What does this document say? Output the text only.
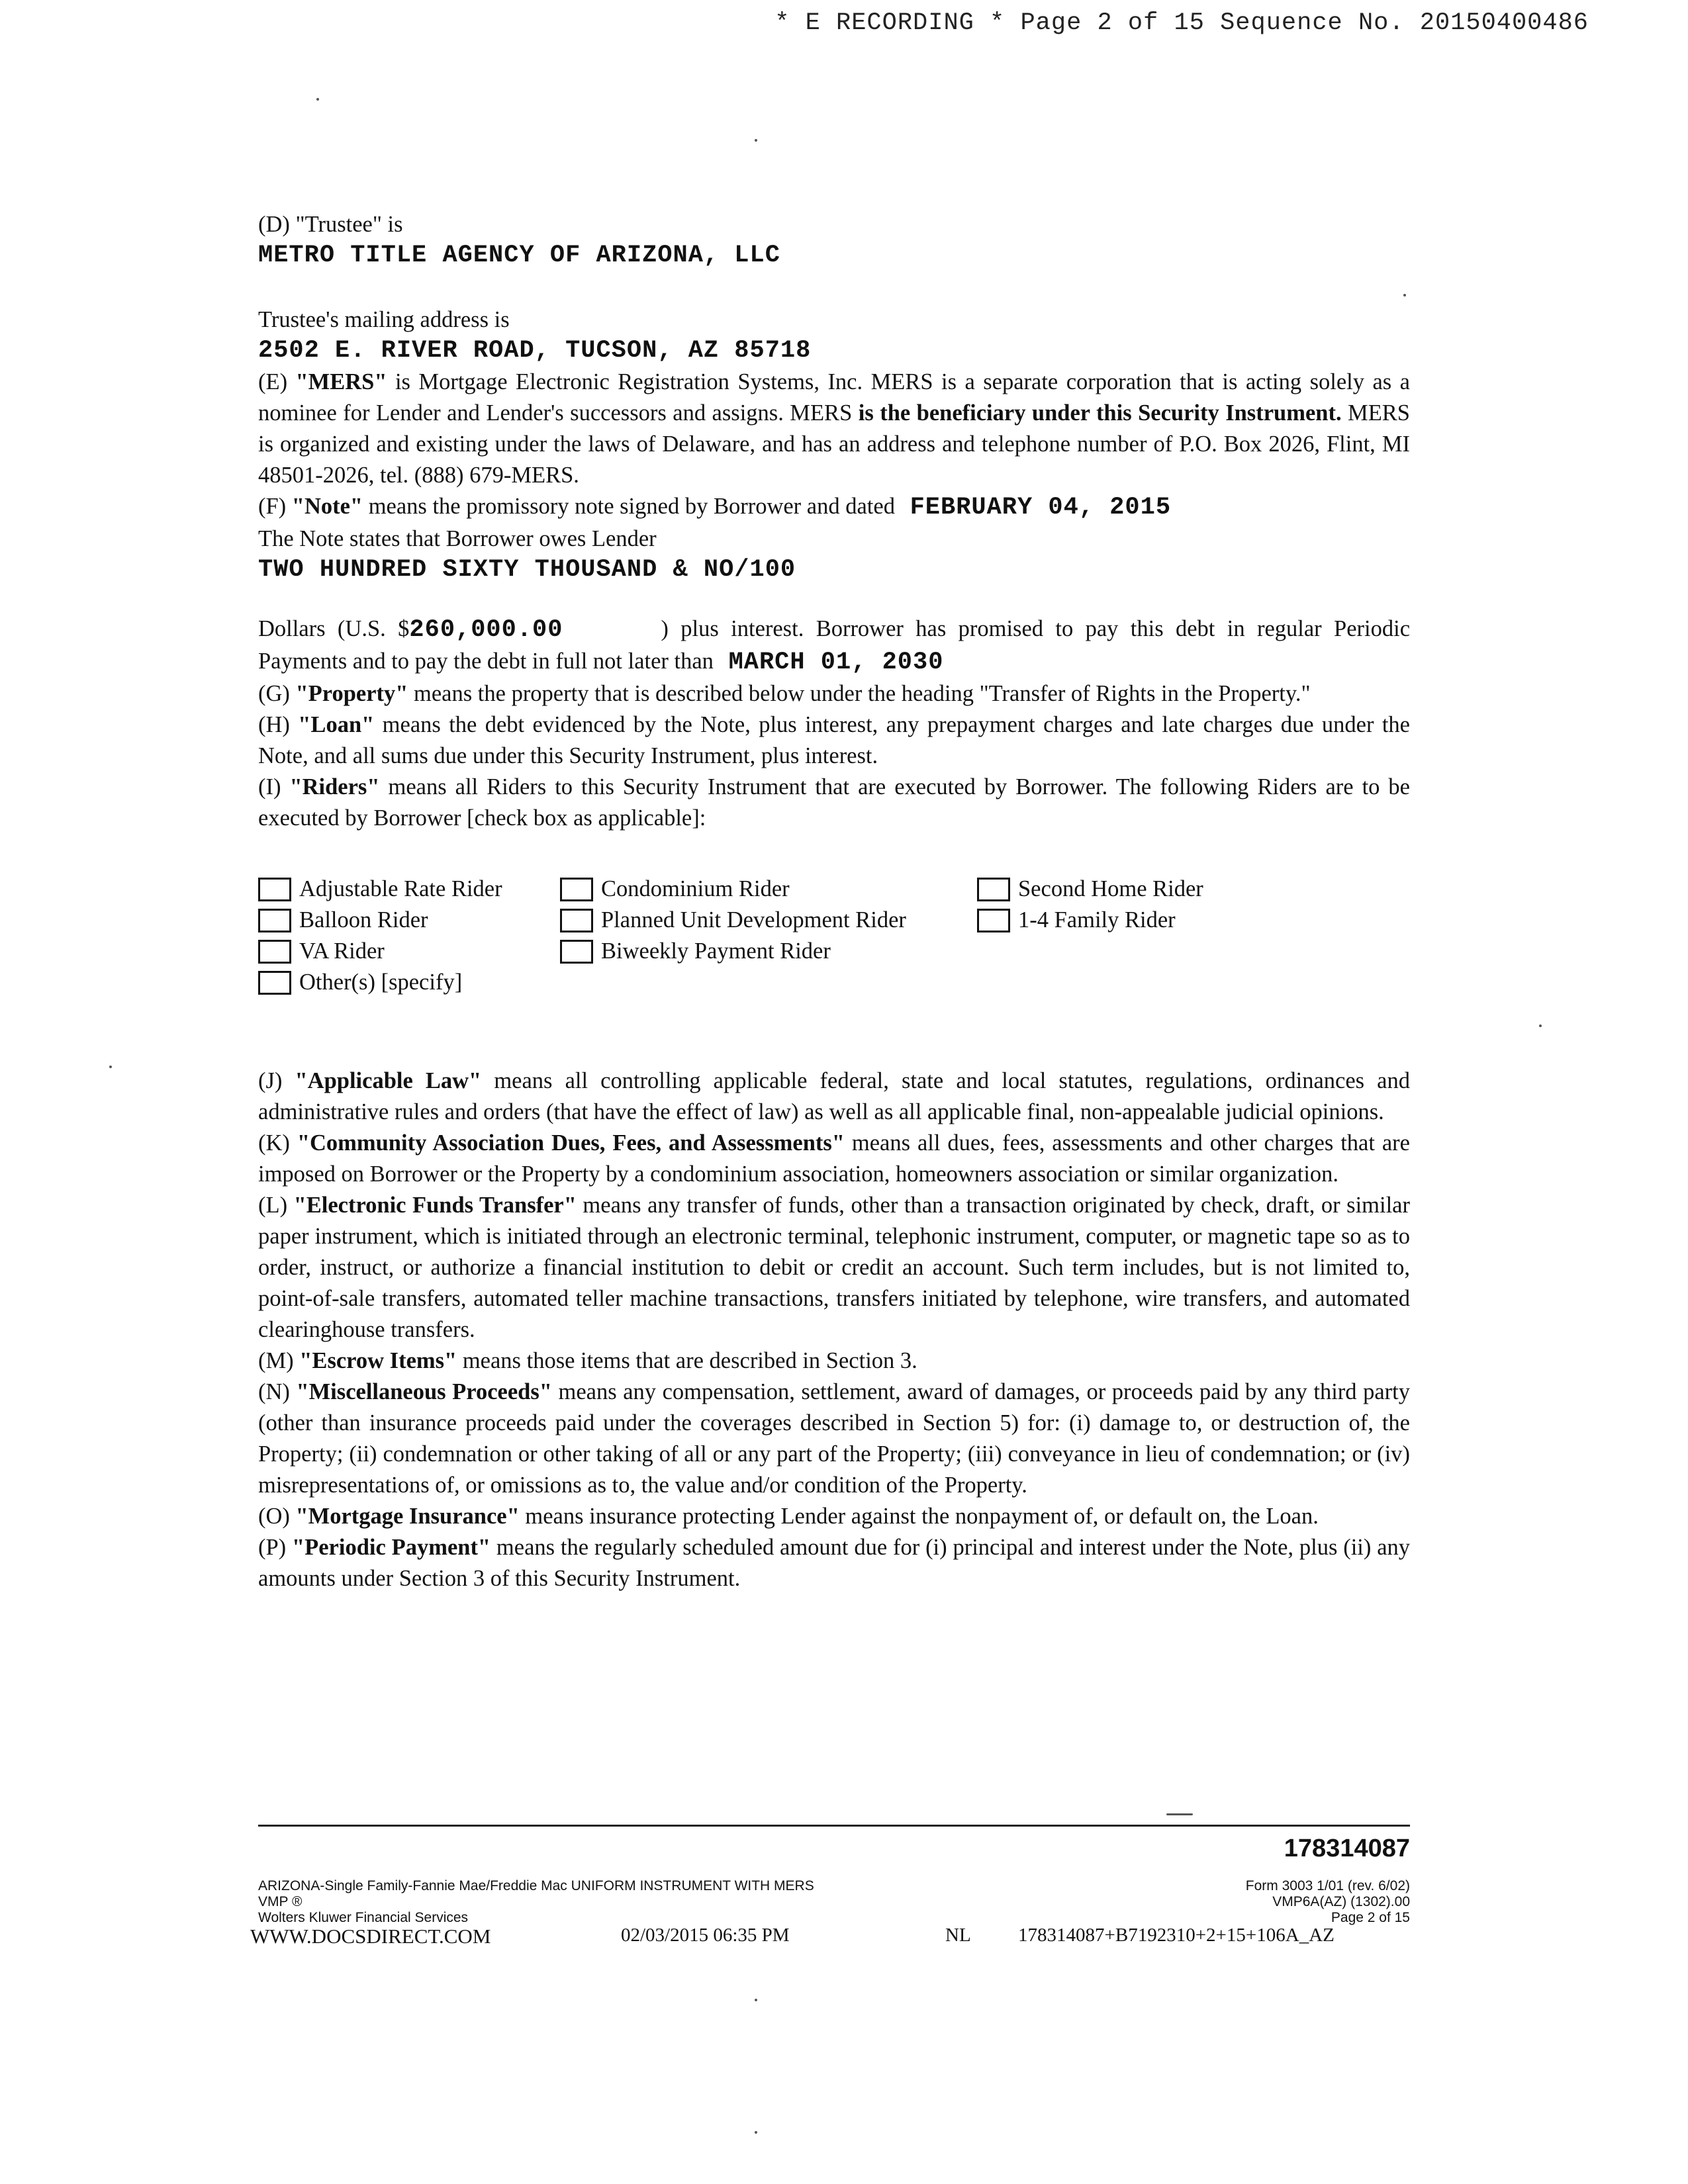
* E RECORDING * Page 2 of 15 Sequence No. 20150400486
(D) "Trustee" is
METRO TITLE AGENCY OF ARIZONA, LLC
Trustee's mailing address is
2502 E. RIVER ROAD, TUCSON, AZ 85718

(E) "MERS" is Mortgage Electronic Registration Systems, Inc. MERS is a separate corporation that is acting solely as a nominee for Lender and Lender's successors and assigns. MERS is the beneficiary under this Security Instrument. MERS is organized and existing under the laws of Delaware, and has an address and telephone number of P.O. Box 2026, Flint, MI 48501-2026, tel. (888) 679-MERS.

(F) "Note" means the promissory note signed by Borrower and dated FEBRUARY 04, 2015

The Note states that Borrower owes Lender
TWO HUNDRED SIXTY THOUSAND & NO/100

Dollars (U.S. $260,000.00	) plus interest. Borrower has promised to pay this debt in regular Periodic Payments and to pay the debt in full not later than MARCH 01, 2030

(G) "Property" means the property that is described below under the heading "Transfer of Rights in the Property."

(H) "Loan" means the debt evidenced by the Note, plus interest, any prepayment charges and late charges due under the Note, and all sums due under this Security Instrument, plus interest.

(I) "Riders" means all Riders to this Security Instrument that are executed by Borrower. The following Riders are to be executed by Borrower [check box as applicable]:

Adjustable Rate Rider
Balloon Rider
VA Rider
Other(s) [specify]
Condominium Rider
Planned Unit Development Rider
Biweekly Payment Rider
Second Home Rider
1-4 Family Rider

(J) "Applicable Law" means all controlling applicable federal, state and local statutes, regulations, ordinances and administrative rules and orders (that have the effect of law) as well as all applicable final, non-appealable judicial opinions.

(K) "Community Association Dues, Fees, and Assessments" means all dues, fees, assessments and other charges that are imposed on Borrower or the Property by a condominium association, homeowners association or similar organization.

(L) "Electronic Funds Transfer" means any transfer of funds, other than a transaction originated by check, draft, or similar paper instrument, which is initiated through an electronic terminal, telephonic instrument, computer, or magnetic tape so as to order, instruct, or authorize a financial institution to debit or credit an account. Such term includes, but is not limited to, point-of-sale transfers, automated teller machine transactions, transfers initiated by telephone, wire transfers, and automated clearinghouse transfers.

(M) "Escrow Items" means those items that are described in Section 3.

(N) "Miscellaneous Proceeds" means any compensation, settlement, award of damages, or proceeds paid by any third party (other than insurance proceeds paid under the coverages described in Section 5) for: (i) damage to, or destruction of, the Property; (ii) condemnation or other taking of all or any part of the Property; (iii) conveyance in lieu of condemnation; or (iv) misrepresentations of, or omissions as to, the value and/or condition of the Property.

(O) "Mortgage Insurance" means insurance protecting Lender against the nonpayment of, or default on, the Loan.

(P) "Periodic Payment" means the regularly scheduled amount due for (i) principal and interest under the Note, plus (ii) any amounts under Section 3 of this Security Instrument.

178314087
ARIZONA-Single Family-Fannie Mae/Freddie Mac UNIFORM INSTRUMENT WITH MERS
VMP ®
Wolters Kluwer Financial Services
Form 3003 1/01 (rev. 6/02)
VMP6A(AZ) (1302).00
Page 2 of 15
WWW.DOCSDIRECT.COM	02/03/2015 06:35 PM	NL 178314087+B7192310+2+15+106A_AZ
